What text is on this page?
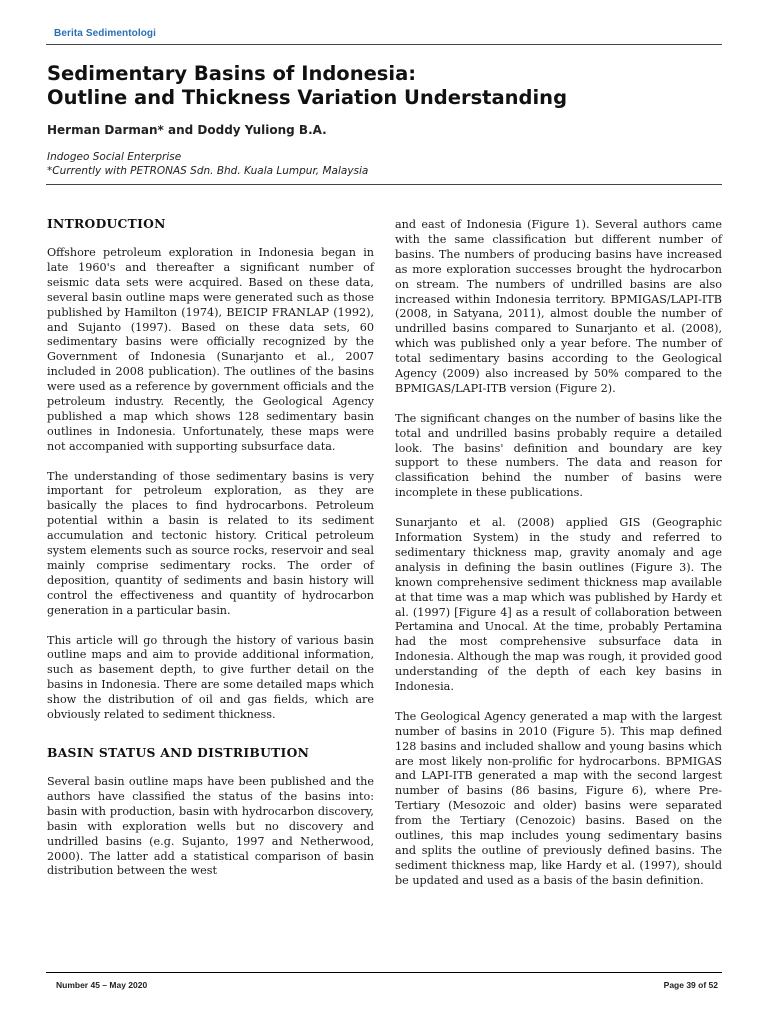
Berita Sedimentologi
Sedimentary Basins of Indonesia:
Outline and Thickness Variation Understanding
Herman Darman* and Doddy Yuliong B.A.
Indogeo Social Enterprise
*Currently with PETRONAS Sdn. Bhd. Kuala Lumpur, Malaysia
INTRODUCTION

Offshore petroleum exploration in Indonesia began in late 1960's and thereafter a significant number of seismic data sets were acquired. Based on these data, several basin outline maps were generated such as those published by Hamilton (1974), BEICIP FRANLAP (1992), and Sujanto (1997). Based on these data sets, 60 sedimentary basins were officially recognized by the Government of Indonesia (Sunarjanto et al., 2007 included in 2008 publication). The outlines of the basins were used as a reference by government officials and the petroleum industry. Recently, the Geological Agency published a map which shows 128 sedimentary basin outlines in Indonesia. Unfortunately, these maps were not accompanied with supporting subsurface data.

The understanding of those sedimentary basins is very important for petroleum exploration, as they are basically the places to find hydrocarbons. Petroleum potential within a basin is related to its sediment accumulation and tectonic history. Critical petroleum system elements such as source rocks, reservoir and seal mainly comprise sedimentary rocks. The order of deposition, quantity of sediments and basin history will control the effectiveness and quantity of hydrocarbon generation in a particular basin.

This article will go through the history of various basin outline maps and aim to provide additional information, such as basement depth, to give further detail on the basins in Indonesia. There are some detailed maps which show the distribution of oil and gas fields, which are obviously related to sediment thickness.

BASIN STATUS AND DISTRIBUTION

Several basin outline maps have been published and the authors have classified the status of the basins into: basin with production, basin with hydrocarbon discovery, basin with exploration wells but no discovery and undrilled basins (e.g. Sujanto, 1997 and Netherwood, 2000). The latter add a statistical comparison of basin distribution between the west

and east of Indonesia (Figure 1). Several authors came with the same classification but different number of basins. The numbers of producing basins have increased as more exploration successes brought the hydrocarbon on stream. The numbers of undrilled basins are also increased within Indonesia territory. BPMIGAS/LAPI-ITB (2008, in Satyana, 2011), almost double the number of undrilled basins compared to Sunarjanto et al. (2008), which was published only a year before. The number of total sedimentary basins according to the Geological Agency (2009) also increased by 50% compared to the BPMIGAS/LAPI-ITB version (Figure 2).

The significant changes on the number of basins like the total and undrilled basins probably require a detailed look. The basins' definition and boundary are key support to these numbers. The data and reason for classification behind the number of basins were incomplete in these publications.

Sunarjanto et al. (2008) applied GIS (Geographic Information System) in the study and referred to sedimentary thickness map, gravity anomaly and age analysis in defining the basin outlines (Figure 3). The known comprehensive sediment thickness map available at that time was a map which was published by Hardy et al. (1997) [Figure 4] as a result of collaboration between Pertamina and Unocal. At the time, probably Pertamina had the most comprehensive subsurface data in Indonesia. Although the map was rough, it provided good understanding of the depth of each key basins in Indonesia.

The Geological Agency generated a map with the largest number of basins in 2010 (Figure 5). This map defined 128 basins and included shallow and young basins which are most likely non-prolific for hydrocarbons. BPMIGAS and LAPI-ITB generated a map with the second largest number of basins (86 basins, Figure 6), where Pre-Tertiary (Mesozoic and older) basins were separated from the Tertiary (Cenozoic) basins. Based on the outlines, this map includes young sedimentary basins and splits the outline of previously defined basins. The sediment thickness map, like Hardy et al. (1997), should be updated and used as a basis of the basin definition.

Number 45 – May 2020	Page 39 of 52
